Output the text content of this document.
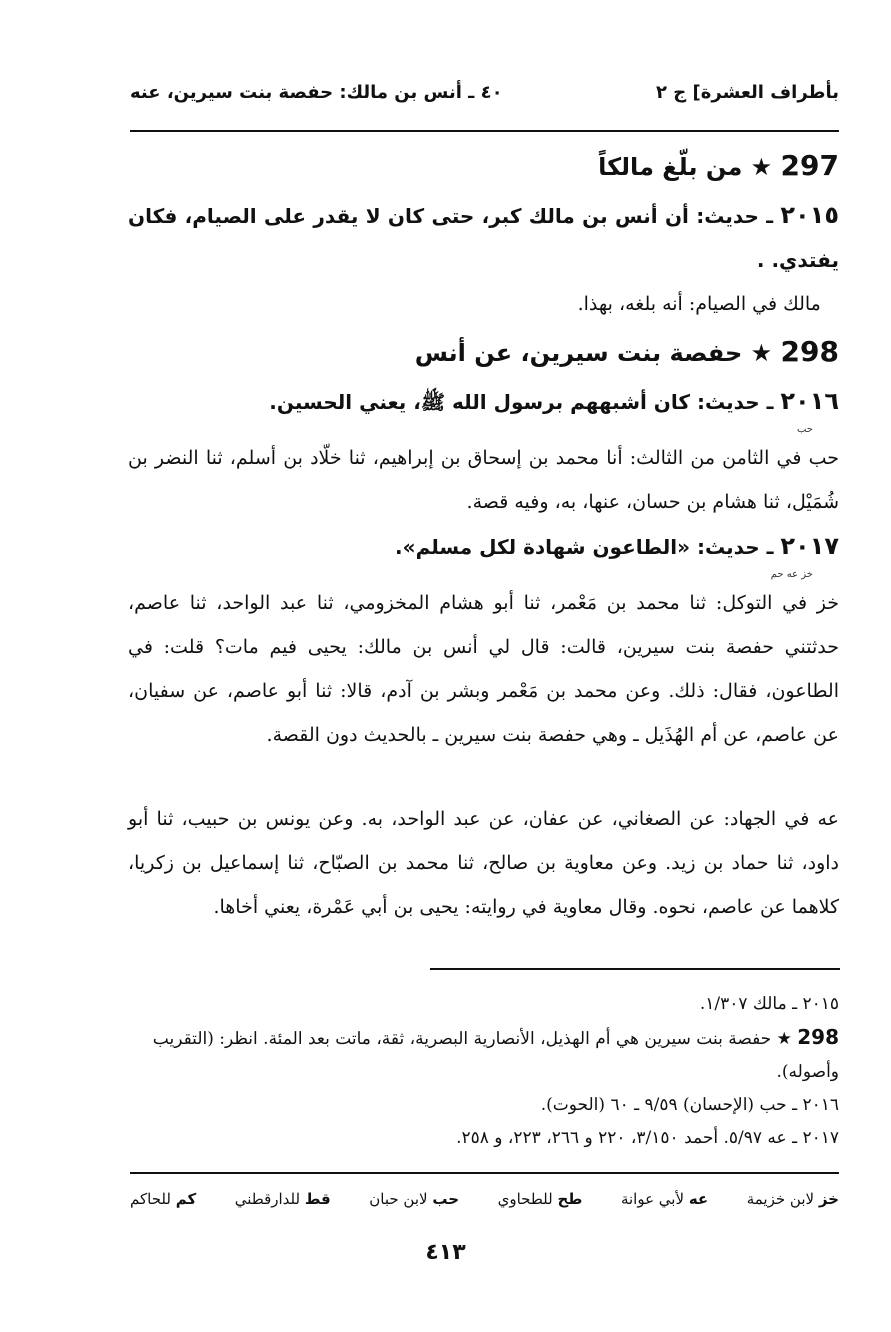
بأطراف العشرة] ج ٢
٤٠ ـ أنس بن مالك: حفصة بنت سيرين، عنه
297 ★ من بلّغ مالكاً
٢٠١٥ ـ حديث: أن أنس بن مالك كبر، حتى كان لا يقدر على الصيام، فكان يفتدي. .
مالك في الصيام: أنه بلغه، بهذا.
298 ★ حفصة بنت سيرين، عن أنس
٢٠١٦ ـ حديث: كان أشبههم برسول الله ﷺ، يعني الحسين.
حب
حب في الثامن من الثالث: أنا محمد بن إسحاق بن إبراهيم، ثنا خلّاد بن أسلم، ثنا النضر بن شُمَيْل، ثنا هشام بن حسان، عنها، به، وفيه قصة.
٢٠١٧ ـ حديث: «الطاعون شهادة لكل مسلم».
خز عه حم
خز في التوكل: ثنا محمد بن مَعْمر، ثنا أبو هشام المخزومي، ثنا عبد الواحد، ثنا عاصم، حدثتني حفصة بنت سيرين، قالت: قال لي أنس بن مالك: يحيى فيم مات؟ قلت: في الطاعون، فقال: ذلك. وعن محمد بن مَعْمر وبشر بن آدم، قالا: ثنا أبو عاصم، عن سفيان، عن عاصم، عن أم الهُذَيل ـ وهي حفصة بنت سيرين ـ بالحديث دون القصة.
عه في الجهاد: عن الصغاني، عن عفان، عن عبد الواحد، به. وعن يونس بن حبيب، ثنا أبو داود، ثنا حماد بن زيد. وعن معاوية بن صالح، ثنا محمد بن الصبّاح، ثنا إسماعيل بن زكريا، كلاهما عن عاصم، نحوه. وقال معاوية في روايته: يحيى بن أبي عَمْرة، يعني أخاها.
٢٠١٥ ـ مالك ١/٣٠٧.
298 ★ حفصة بنت سيرين هي أم الهذيل، الأنصارية البصرية، ثقة، ماتت بعد المئة. انظر: (التقريب وأصوله).
٢٠١٦ ـ حب (الإحسان) ٩/٥٩ ـ ٦٠ (الحوت).
٢٠١٧ ـ عه ٥/٩٧. أحمد ٣/١٥٠، ٢٢٠ و ٢٦٦، ٢٢٣، و ٢٥٨.
خز لابن خزيمة
عه لأبي عوانة
طح للطحاوي
حب لابن حبان
قط للدارقطني
كم للحاكم
٤١٣
